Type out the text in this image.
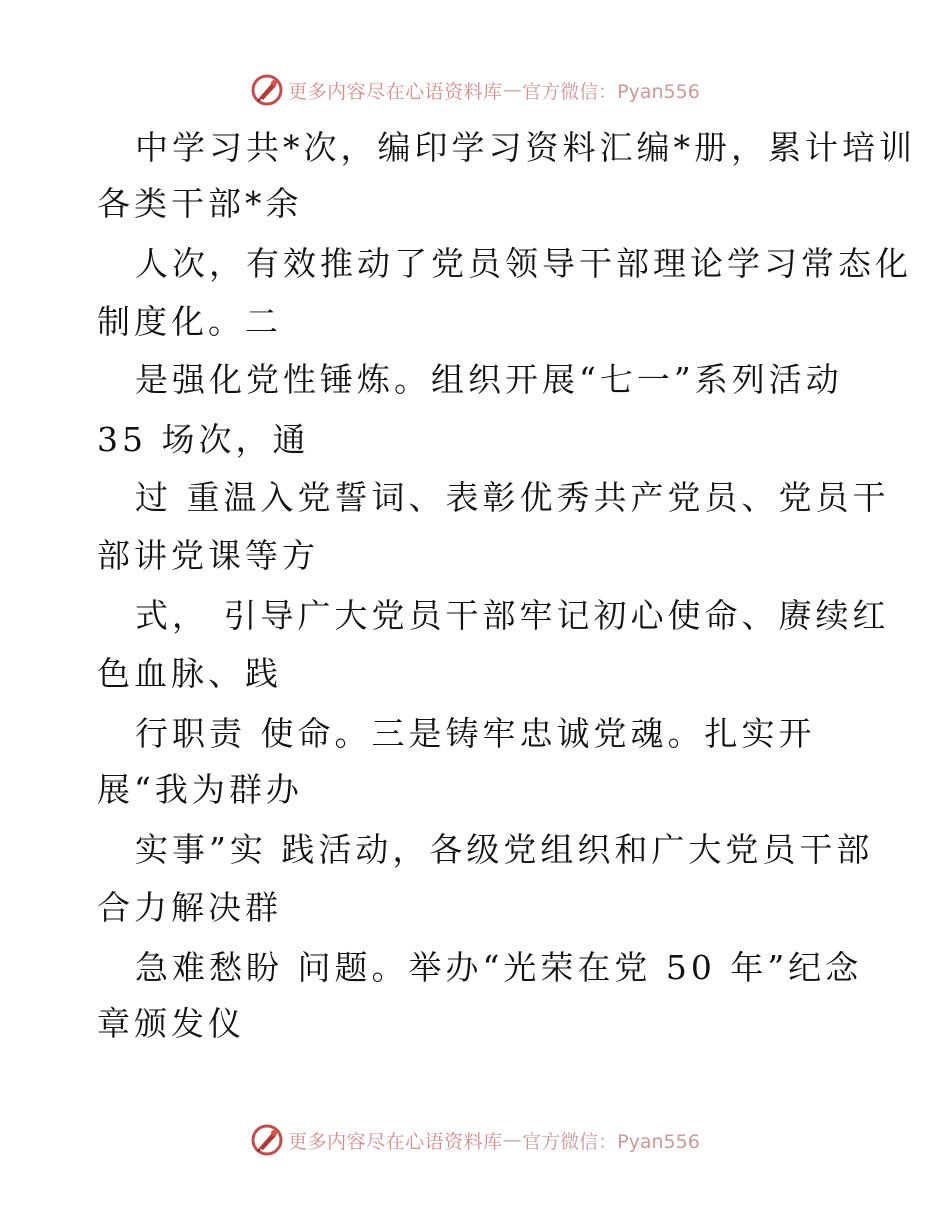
更多内容尽在心语资料库 — 官方微信：Pyan556
中学习共*次，编印学习资料汇编*册，累计培训
各类干部*余
人次，有效推动了党员领导干部理论学习常态化
制度化。二
是强化党性锤炼。组织开展“七一”系列活动
35 场次，通
过 重温入党誓词、表彰优秀共产党员、党员干
部讲党课等方
式， 引导广大党员干部牢记初心使命、赓续红
色血脉、践
行职责 使命。三是铸牢忠诚党魂。扎实开
展“我为群办
实事”实 践活动，各级党组织和广大党员干部
合力解决群
急难愁盼 问题。举办“光荣在党 50 年”纪念
章颁发仪
更多内容尽在心语资料库 — 官方微信：Pyan556
